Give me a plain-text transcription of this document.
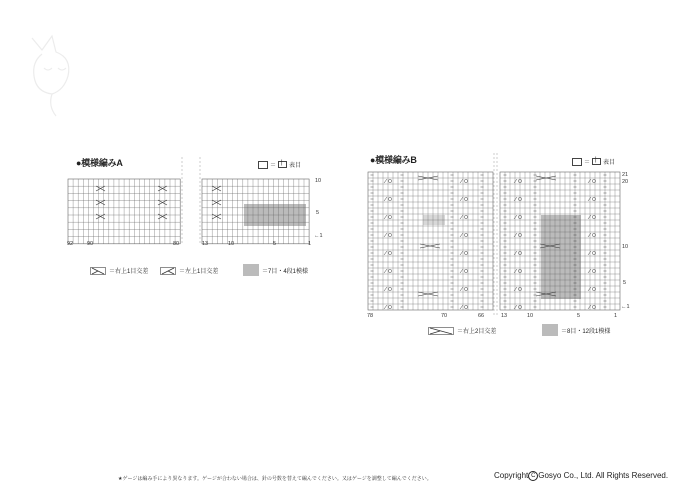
●模様編みA	＝ | 表目
10
5
←1
92	90	80	13	10	5	1
＝右上1目交差	＝左上1目交差	＝7目・4段1模様
●模様編みB	＝ | 表目
21
20
10
5
←1
78	70	66	13	10	5	1
＝右上2目交差	＝8目・12段1模様
★ゲージは編み手により異なります。ゲージが合わない場合は、針の号数を替えて編んでください。又はゲージを調整して編んでください。	Copyright C Gosyo Co., Ltd. All Rights Reserved.
